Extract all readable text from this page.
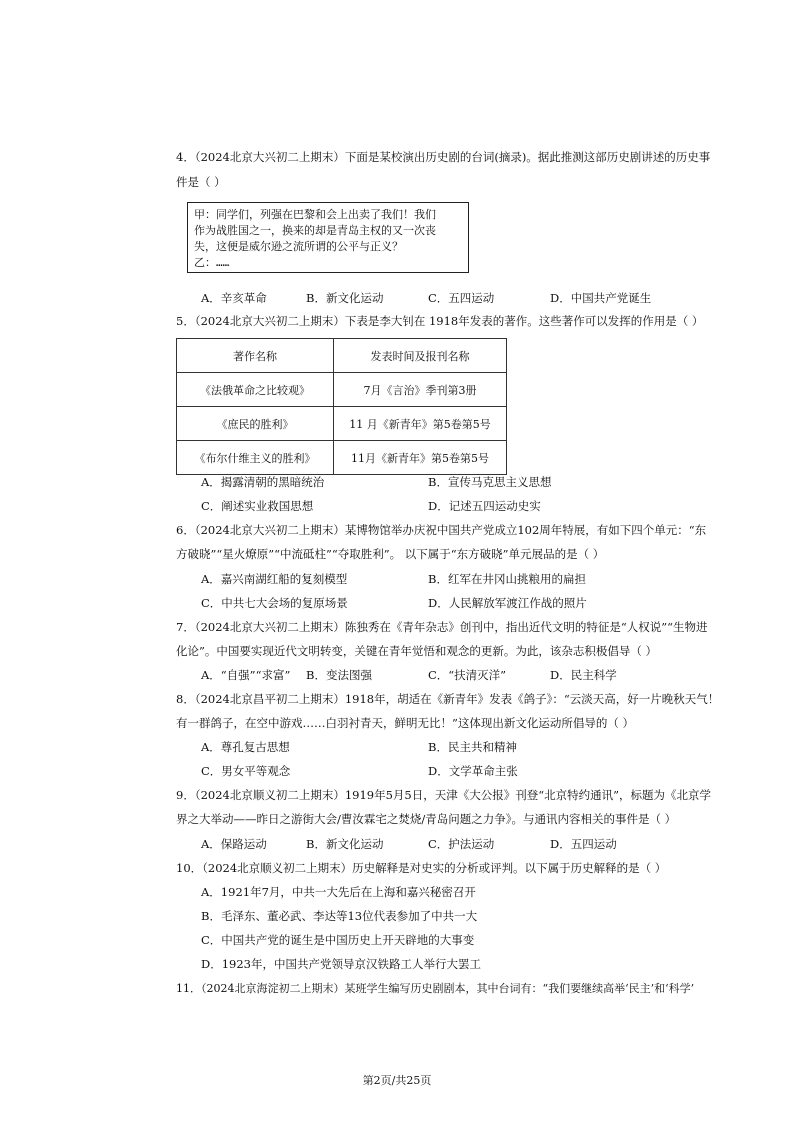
4．（2024北京大兴初二上期末）下面是某校演出历史剧的台词(摘录)。据此推测这部历史剧讲述的历史事
件是（ ）
甲：同学们，列强在巴黎和会上出卖了我们！我们
作为战胜国之一，换来的却是青岛主权的又一次丧
失，这便是威尔逊之流所谓的公平与正义？
乙：……
A．辛亥革命	B．新文化运动	C．五四运动	D．中国共产党诞生
5．（2024北京大兴初二上期末）下表是李大钊在 1918年发表的著作。这些著作可以发挥的作用是（ ）
著作名称	发表时间及报刊名称
《法俄革命之比较观》	7月《言治》季刊第3册
《庶民的胜利》	11 月《新青年》第5卷第5号
《布尔什维主义的胜利》	11月《新青年》第5卷第5号
A．揭露清朝的黑暗统治	B．宣传马克思主义思想
C．阐述实业救国思想	D．记述五四运动史实
6．（2024北京大兴初二上期末）某博物馆举办庆祝中国共产党成立102周年特展，有如下四个单元：“东
方破晓”“星火燎原”“中流砥柱”“夺取胜利”。 以下属于“东方破晓”单元展品的是（ ）
A．嘉兴南湖红船的复刻模型	B．红军在井冈山挑粮用的扁担
C．中共七大会场的复原场景	D．人民解放军渡江作战的照片
7．（2024北京大兴初二上期末）陈独秀在《青年杂志》创刊中，指出近代文明的特征是“人权说”“生物进
化论”。中国要实现近代文明转变，关键在青年觉悟和观念的更新。为此，该杂志积极倡导（ ）
A．“自强”“求富” B．变法图强	C．“扶清灭洋”	D．民主科学
8．（2024北京昌平初二上期末）1918年，胡适在《新青年》发表《鸽子》：“云淡天高，好一片晚秋天气！
有一群鸽子，在空中游戏……白羽衬青天，鲜明无比！”这体现出新文化运动所倡导的（ ）
A．尊孔复古思想	B．民主共和精神
C．男女平等观念	D．文学革命主张
9．（2024北京顺义初二上期末）1919年5月5日，天津《大公报》刊登“北京特约通讯”，标题为《北京学
界之大举动——昨日之游街大会/曹汝霖宅之焚烧/青岛问题之力争》。与通讯内容相关的事件是（ ）
A．保路运动	B．新文化运动	C．护法运动	D．五四运动
10．（2024北京顺义初二上期末）历史解释是对史实的分析或评判。以下属于历史解释的是（ ）
A．1921年7月，中共一大先后在上海和嘉兴秘密召开
B．毛泽东、董必武、李达等13位代表参加了中共一大
C．中国共产党的诞生是中国历史上开天辟地的大事变
D．1923年，中国共产党领导京汉铁路工人举行大罢工
11．（2024北京海淀初二上期末）某班学生编写历史剧剧本，其中台词有：“我们要继续高举‘民主’和‘科学’
第2页/共25页
